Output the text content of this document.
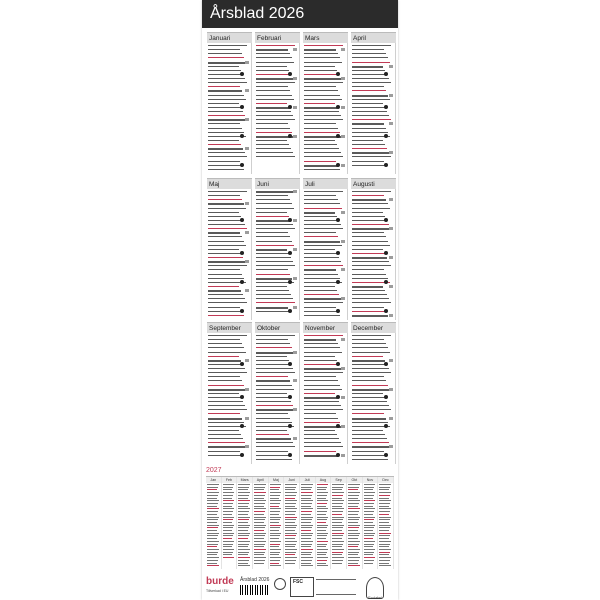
Årsblad 2026
Januari	Februari	Mars	April
Maj	Juni	Juli	Augusti
September	Oktober	November	December
2027
Jan	Feb	Mars	April	Maj	Juni	Juli	Aug	Sep	Okt	Nov	Dec
burde
Tillverkad i EU
Årsblad 2026	FSC
Ecolabel
